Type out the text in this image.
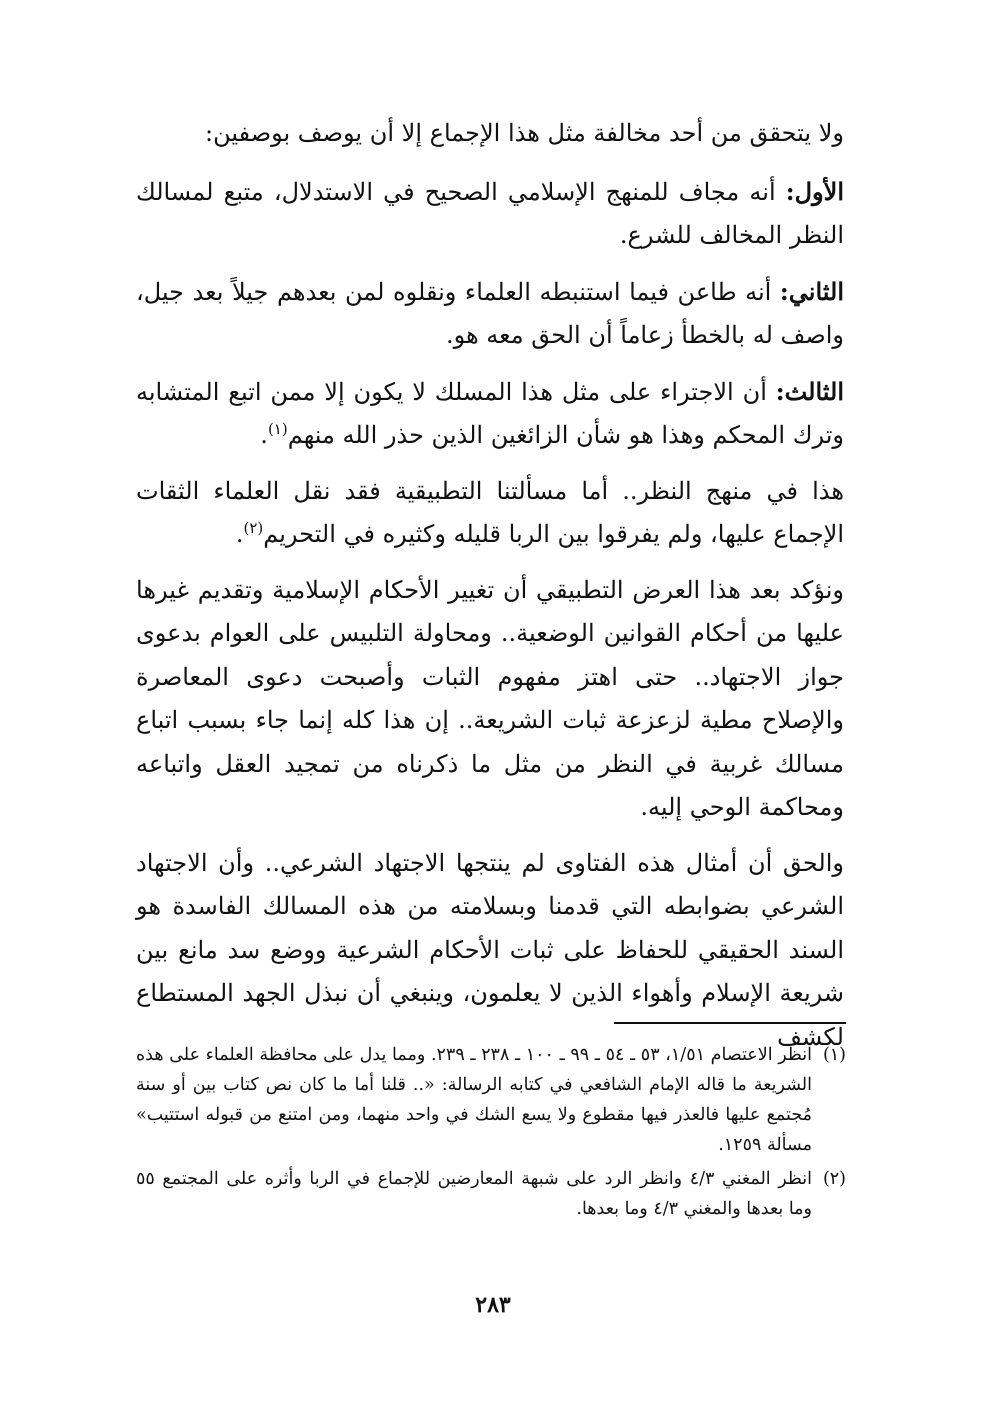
ولا يتحقق من أحد مخالفة مثل هذا الإجماع إلا أن يوصف بوصفين:

الأول: أنه مجاف للمنهج الإسلامي الصحيح في الاستدلال، متبع لمسالك النظر المخالف للشرع.

الثاني: أنه طاعن فيما استنبطه العلماء ونقلوه لمن بعدهم جيلاً بعد جيل، واصف له بالخطأ زعاماً أن الحق معه هو.

الثالث: أن الاجتراء على مثل هذا المسلك لا يكون إلا ممن اتبع المتشابه وترك المحكم وهذا هو شأن الزائغين الذين حذر الله منهم$^{(١)}$.

هذا في منهج النظر.. أما مسألتنا التطبيقية فقد نقل العلماء الثقات الإجماع عليها، ولم يفرقوا بين الربا قليله وكثيره في التحريم$^{(٢)}$.

ونؤكد بعد هذا العرض التطبيقي أن تغيير الأحكام الإسلامية وتقديم غيرها عليها من أحكام القوانين الوضعية.. ومحاولة التلبيس على العوام بدعوى جواز الاجتهاد.. حتى اهتز مفهوم الثبات وأصبحت دعوى المعاصرة والإصلاح مطية لزعزعة ثبات الشريعة.. إن هذا كله إنما جاء بسبب اتباع مسالك غربية في النظر من مثل ما ذكرناه من تمجيد العقل واتباعه ومحاكمة الوحي إليه.

والحق أن أمثال هذه الفتاوى لم ينتجها الاجتهاد الشرعي.. وأن الاجتهاد الشرعي بضوابطه التي قدمنا وبسلامته من هذه المسالك الفاسدة هو السند الحقيقي للحفاظ على ثبات الأحكام الشرعية ووضع سد مانع بين شريعة الإسلام وأهواء الذين لا يعلمون، وينبغي أن نبذل الجهد المستطاع لكشف

(١)
انظر الاعتصام ١/٥١، ٥٣ ـ ٥٤ ـ ٩٩ ـ ١٠٠ ـ ٢٣٨ ـ ٢٣٩. ومما يدل على محافظة العلماء على هذه الشريعة ما قاله الإمام الشافعي في كتابه الرسالة: «.. قلنا أما ما كان نص كتاب بين أو سنة مُجتمع عليها فالعذر فيها مقطوع ولا يسع الشك في واحد منهما، ومن امتنع من قبوله استتيب» مسألة ١٢٥٩.
(٢)
انظر المغني ٤/٣ وانظر الرد على شبهة المعارضين للإجماع في الربا وأثره على المجتمع ٥٥ وما بعدها والمغني ٤/٣ وما بعدها.
٢٨٣
